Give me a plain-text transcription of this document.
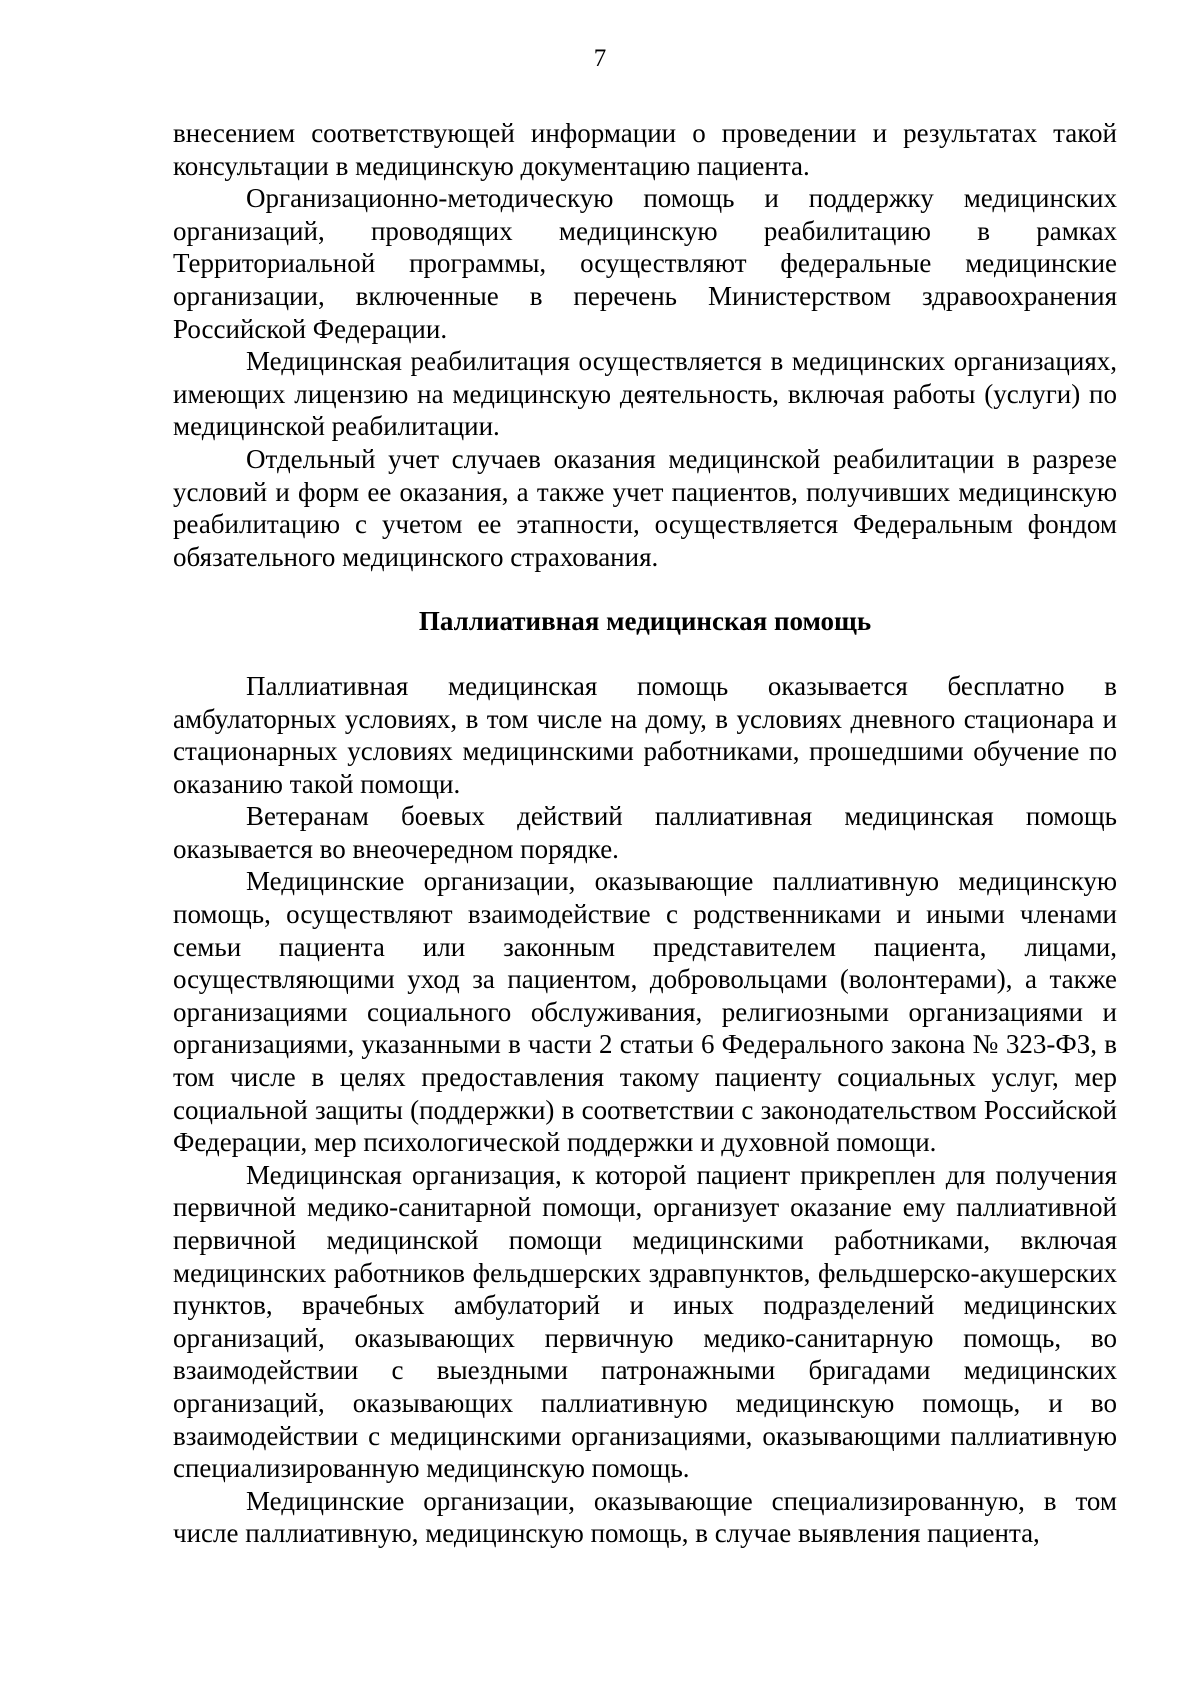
7

внесением соответствующей информации о проведении и результатах такой консультации в медицинскую документацию пациента.

Организационно-методическую помощь и поддержку медицинских организаций, проводящих медицинскую реабилитацию в рамках Территориальной программы, осуществляют федеральные медицинские организации, включенные в перечень Министерством здравоохранения Российской Федерации.

Медицинская реабилитация осуществляется в медицинских организациях, имеющих лицензию на медицинскую деятельность, включая работы (услуги) по медицинской реабилитации.

Отдельный учет случаев оказания медицинской реабилитации в разрезе условий и форм ее оказания, а также учет пациентов, получивших медицинскую реабилитацию с учетом ее этапности, осуществляется Федеральным фондом обязательного медицинского страхования.

Паллиативная медицинская помощь

Паллиативная медицинская помощь оказывается бесплатно в амбулаторных условиях, в том числе на дому, в условиях дневного стационара и стационарных условиях медицинскими работниками, прошедшими обучение по оказанию такой помощи.

Ветеранам боевых действий паллиативная медицинская помощь оказывается во внеочередном порядке.

Медицинские организации, оказывающие паллиативную медицинскую помощь, осуществляют взаимодействие с родственниками и иными членами семьи пациента или законным представителем пациента, лицами, осуществляющими уход за пациентом, добровольцами (волонтерами), а также организациями социального обслуживания, религиозными организациями и организациями, указанными в части 2 статьи 6 Федерального закона № 323-ФЗ, в том числе в целях предоставления такому пациенту социальных услуг, мер социальной защиты (поддержки) в соответствии с законодательством Российской Федерации, мер психологической поддержки и духовной помощи.

Медицинская организация, к которой пациент прикреплен для получения первичной медико-санитарной помощи, организует оказание ему паллиативной первичной медицинской помощи медицинскими работниками, включая медицинских работников фельдшерских здравпунктов, фельдшерско-акушерских пунктов, врачебных амбулаторий и иных подразделений медицинских организаций, оказывающих первичную медико-санитарную помощь, во взаимодействии с выездными патронажными бригадами медицинских организаций, оказывающих паллиативную медицинскую помощь, и во взаимодействии с медицинскими организациями, оказывающими паллиативную специализированную медицинскую помощь.

Медицинские организации, оказывающие специализированную, в том числе паллиативную, медицинскую помощь, в случае выявления пациента,
